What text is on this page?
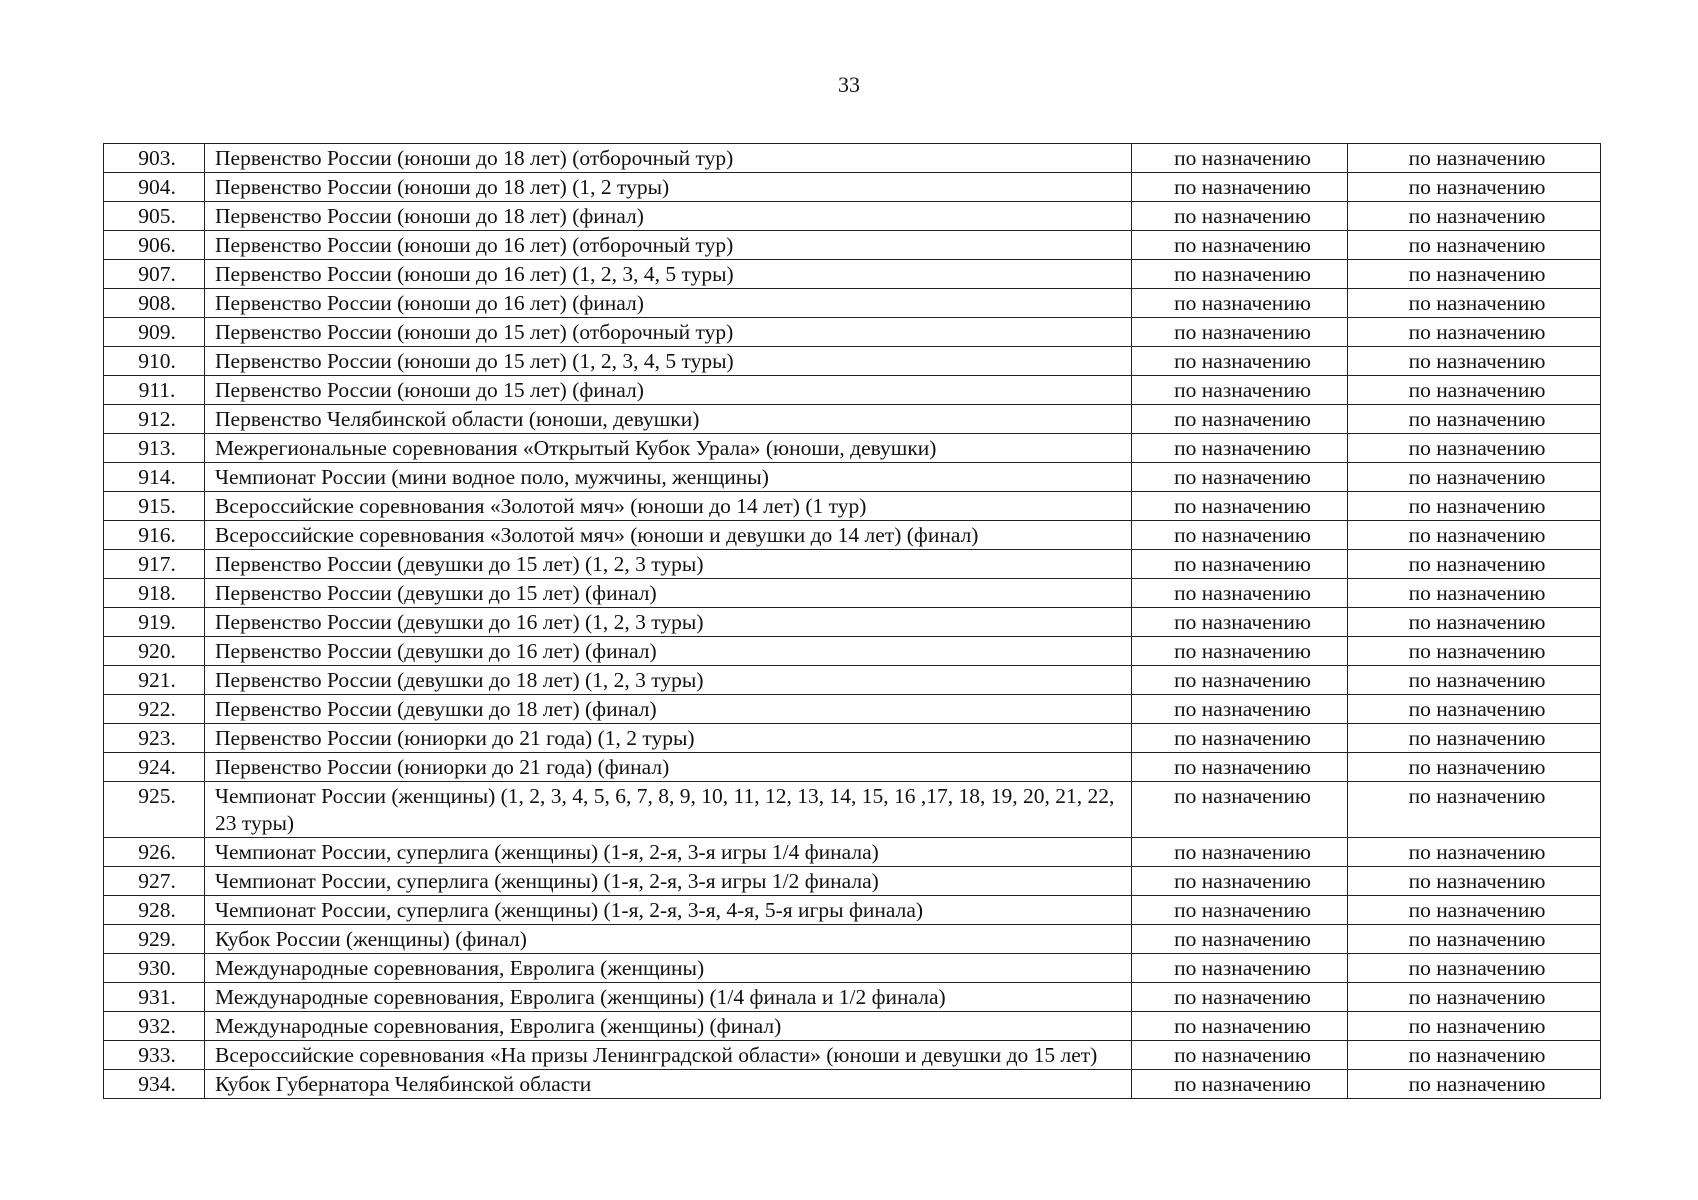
33
903.	Первенство России (юноши до 18 лет) (отборочный тур)	по назначению	по назначению
904.	Первенство России (юноши до 18 лет) (1, 2 туры)	по назначению	по назначению
905.	Первенство России (юноши до 18 лет) (финал)	по назначению	по назначению
906.	Первенство России (юноши до 16 лет) (отборочный тур)	по назначению	по назначению
907.	Первенство России (юноши до 16 лет) (1, 2, 3, 4, 5 туры)	по назначению	по назначению
908.	Первенство России (юноши до 16 лет) (финал)	по назначению	по назначению
909.	Первенство России (юноши до 15 лет) (отборочный тур)	по назначению	по назначению
910.	Первенство России (юноши до 15 лет) (1, 2, 3, 4, 5 туры)	по назначению	по назначению
911.	Первенство России (юноши до 15 лет) (финал)	по назначению	по назначению
912.	Первенство Челябинской области (юноши, девушки)	по назначению	по назначению
913.	Межрегиональные соревнования «Открытый Кубок Урала» (юноши, девушки)	по назначению	по назначению
914.	Чемпионат России (мини водное поло, мужчины, женщины)	по назначению	по назначению
915.	Всероссийские соревнования «Золотой мяч» (юноши до 14 лет) (1 тур)	по назначению	по назначению
916.	Всероссийские соревнования «Золотой мяч» (юноши и девушки до 14 лет) (финал)	по назначению	по назначению
917.	Первенство России (девушки до 15 лет) (1, 2, 3 туры)	по назначению	по назначению
918.	Первенство России (девушки до 15 лет) (финал)	по назначению	по назначению
919.	Первенство России (девушки до 16 лет) (1, 2, 3 туры)	по назначению	по назначению
920.	Первенство России (девушки до 16 лет) (финал)	по назначению	по назначению
921.	Первенство России (девушки до 18 лет) (1, 2, 3 туры)	по назначению	по назначению
922.	Первенство России (девушки до 18 лет) (финал)	по назначению	по назначению
923.	Первенство России (юниорки до 21 года) (1, 2 туры)	по назначению	по назначению
924.	Первенство России (юниорки до 21 года) (финал)	по назначению	по назначению
925.	Чемпионат России (женщины) (1, 2, 3, 4, 5, 6, 7, 8, 9, 10, 11, 12, 13, 14, 15, 16 ,17, 18, 19, 20, 21, 22, 23 туры)	по назначению	по назначению
926.	Чемпионат России, суперлига (женщины) (1-я, 2-я, 3-я игры 1/4 финала)	по назначению	по назначению
927.	Чемпионат России, суперлига (женщины) (1-я, 2-я, 3-я игры 1/2 финала)	по назначению	по назначению
928.	Чемпионат России, суперлига (женщины) (1-я, 2-я, 3-я, 4-я, 5-я игры финала)	по назначению	по назначению
929.	Кубок России (женщины) (финал)	по назначению	по назначению
930.	Международные соревнования, Евролига (женщины)	по назначению	по назначению
931.	Международные соревнования, Евролига (женщины) (1/4 финала и 1/2 финала)	по назначению	по назначению
932.	Международные соревнования, Евролига (женщины) (финал)	по назначению	по назначению
933.	Всероссийские соревнования «На призы Ленинградской области» (юноши и девушки до 15 лет)	по назначению	по назначению
934.	Кубок Губернатора Челябинской области	по назначению	по назначению
